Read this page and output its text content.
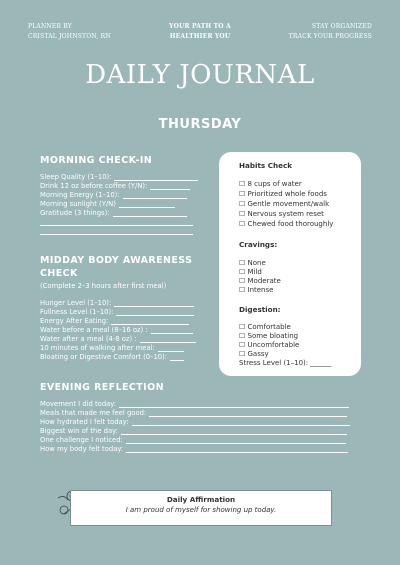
PLANNER BY
CRISTAL JOHNSTON, RN
YOUR PATH TO A
HEALTHIER YOU
STAY ORGANIZED
TRACK YOUR PROGRESS
DAILY JOURNAL
THURSDAY
MORNING CHECK-IN
Sleep Quality (1–10):
Drink 12 oz before coffee (Y/N):
Morning Energy (1–10):
Morning sunlight (Y/N)
Gratitude (3 things):
MIDDAY BODY AWARENESS
CHECK
(Complete 2–3 hours after first meal)
Hunger Level (1–10):
Fullness Level (1–10):
Energy After Eating:
Water before a meal (8–16 oz) :
Water after a meal (4-8 oz) :
10 minutes of walking after meal:
Bloating or Digestive Comfort (0–10):
EVENING REFLECTION
Movement I did today:
Meals that made me feel good:
How hydrated I felt today:
Biggest win of the day:
One challenge I noticed:
How my body felt today:
Habits Check
☐ 8 cups of water
☐ Prioritized whole foods
☐ Gentle movement/walk
☐ Nervous system reset
☐ Chewed food thoroughly
Cravings:
☐ None
☐ Mild
☐ Moderate
☐ Intense
Digestion:
☐ Comfortable
☐ Some bloating
☐ Uncomfortable
☐ Gassy
Stress Level (1–10): ______
Daily Affirmation
I am proud of myself for showing up today.
